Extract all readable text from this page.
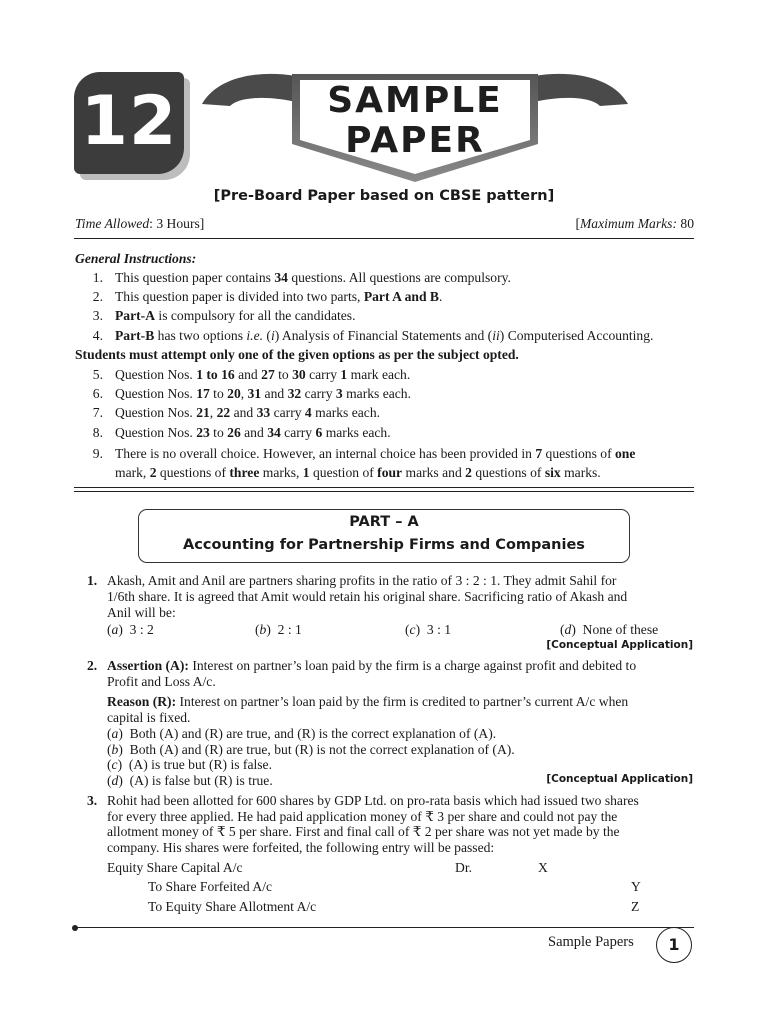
12	SAMPLE
PAPER
[Pre-Board Paper based on CBSE pattern]
Time Allowed: 3 Hours]	[Maximum Marks: 80
General Instructions:
1. This question paper contains 34 questions. All questions are compulsory.
2. This question paper is divided into two parts, Part A and B.
3. Part-A is compulsory for all the candidates.
4. Part-B has two options i.e. (i) Analysis of Financial Statements and (ii) Computerised Accounting.
Students must attempt only one of the given options as per the subject opted.
5. Question Nos. 1 to 16 and 27 to 30 carry 1 mark each.
6. Question Nos. 17 to 20, 31 and 32 carry 3 marks each.
7. Question Nos. 21, 22 and 33 carry 4 marks each.
8. Question Nos. 23 to 26 and 34 carry 6 marks each.
9. There is no overall choice. However, an internal choice has been provided in 7 questions of one
mark, 2 questions of three marks, 1 question of four marks and 2 questions of six marks.
PART – A
Accounting for Partnership Firms and Companies
1. Akash, Amit and Anil are partners sharing profits in the ratio of 3 : 2 : 1. They admit Sahil for
1/6th share. It is agreed that Amit would retain his original share. Sacrificing ratio of Akash and
Anil will be:
(a)  3 : 2	(b)  2 : 1	(c)  3 : 1	(d)  None of these
[Conceptual Application]
2. Assertion (A): Interest on partner’s loan paid by the firm is a charge against profit and debited to
Profit and Loss A/c.
Reason (R): Interest on partner’s loan paid by the firm is credited to partner’s current A/c when
capital is fixed.
(a)  Both (A) and (R) are true, and (R) is the correct explanation of (A).
(b)  Both (A) and (R) are true, but (R) is not the correct explanation of (A).
(c)  (A) is true but (R) is false.
(d)  (A) is false but (R) is true.	[Conceptual Application]
3. Rohit had been allotted for 600 shares by GDP Ltd. on pro-rata basis which had issued two shares
for every three applied. He had paid application money of ₹ 3 per share and could not pay the
allotment money of ₹ 5 per share. First and final call of ₹ 2 per share was not yet made by the
company. His shares were forfeited, the following entry will be passed:
Equity Share Capital A/c	Dr.	X
To Share Forfeited A/c	Y
To Equity Share Allotment A/c	Z
Sample Papers	1
